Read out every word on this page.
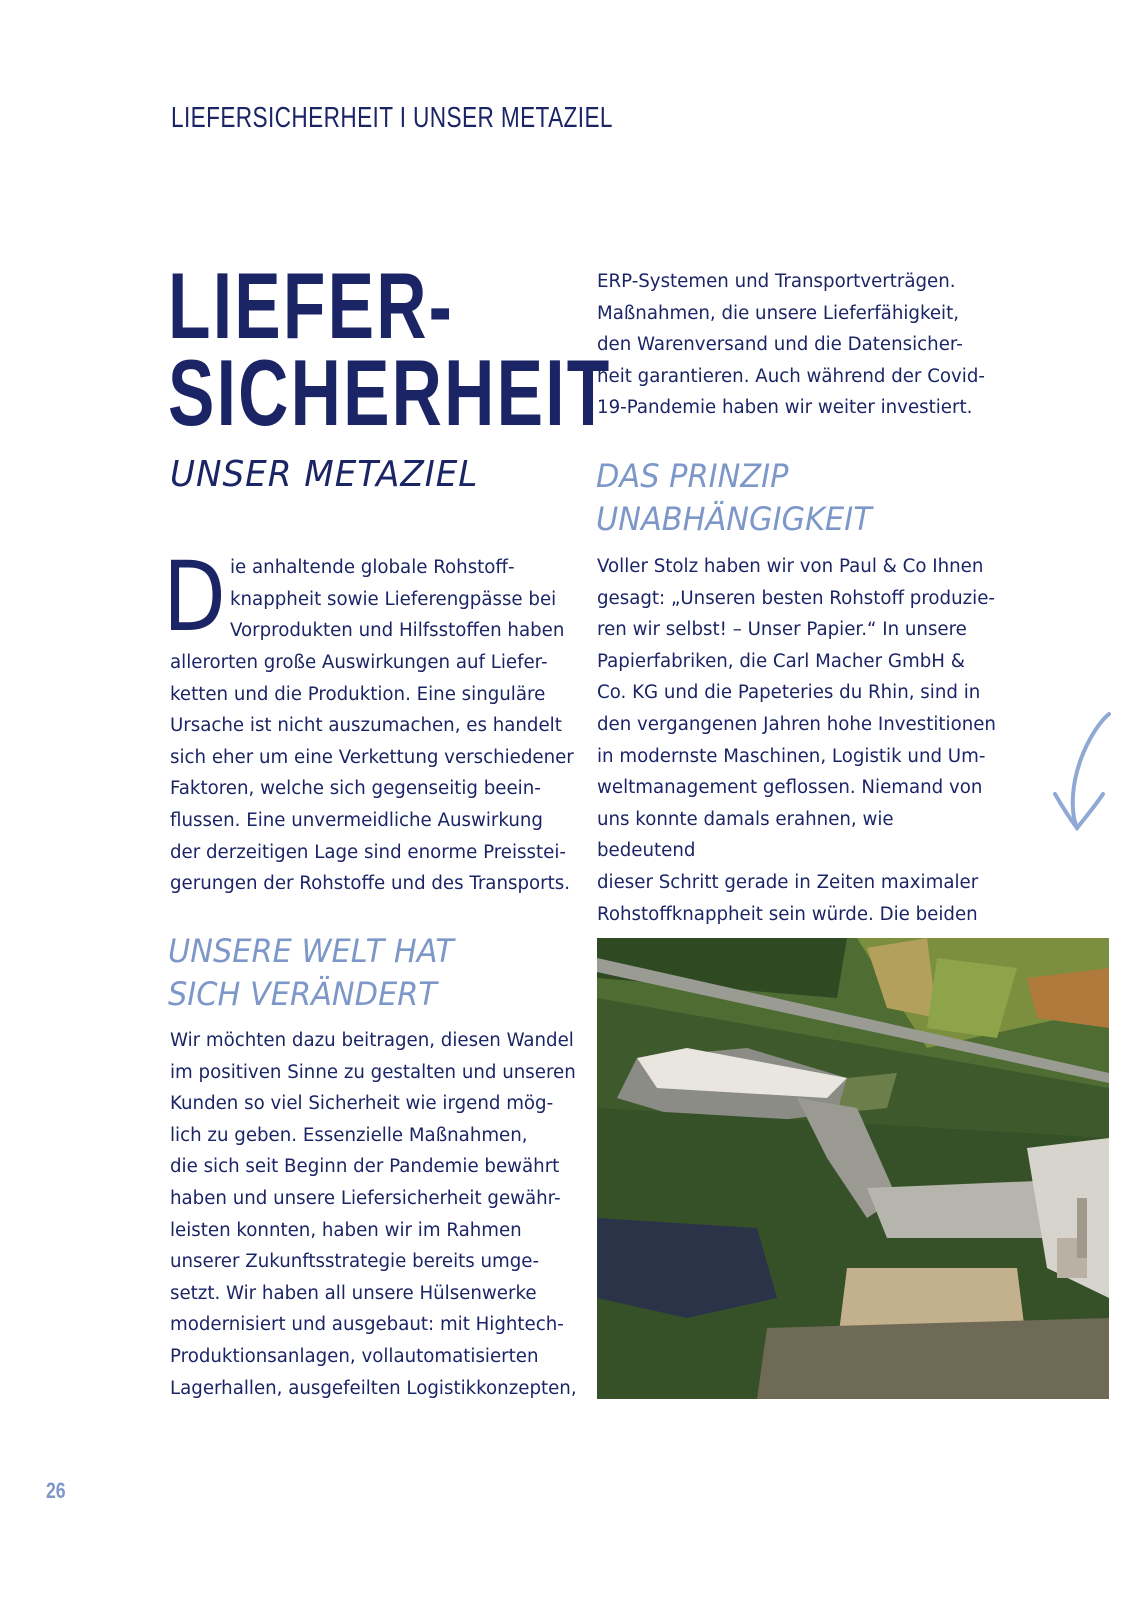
LIEFERSICHERHEIT I UNSER METAZIEL
LIEFER-
SICHERHEIT
UNSER METAZIEL
D ie anhaltende globale Rohstoff-
knappheit sowie Lieferengpässe bei
Vorprodukten und Hilfsstoffen haben

allerorten große Auswirkungen auf Liefer-
ketten und die Produktion. Eine singuläre
Ursache ist nicht auszumachen, es handelt
sich eher um eine Verkettung verschiedener
Faktoren, welche sich gegenseitig beein-
flussen. Eine unvermeidliche Auswirkung
der derzeitigen Lage sind enorme Preisstei-
gerungen der Rohstoffe und des Transports.

UNSERE WELT HAT
SICH VERÄNDERT

Wir möchten dazu beitragen, diesen Wandel
im positiven Sinne zu gestalten und unseren
Kunden so viel Sicherheit wie irgend mög-
lich zu geben. Essenzielle Maßnahmen,
die sich seit Beginn der Pandemie bewährt
haben und unsere Liefersicherheit gewähr-
leisten konnten, haben wir im Rahmen
unserer Zukunftsstrategie bereits umge-
setzt. Wir haben all unsere Hülsenwerke
modernisiert und ausgebaut: mit Hightech-
Produktionsanlagen, vollautomatisierten
Lagerhallen, ausgefeilten Logistikkonzepten,

ERP-Systemen und Transportverträgen.
Maßnahmen, die unsere Lieferfähigkeit,
den Warenversand und die Datensicher-
heit garantieren. Auch während der Covid-
19-Pandemie haben wir weiter investiert.

DAS PRINZIP
UNABHÄNGIGKEIT

Voller Stolz haben wir von Paul & Co Ihnen
gesagt: „Unseren besten Rohstoff produzie-
ren wir selbst! – Unser Papier.“ In unsere
Papierfabriken, die Carl Macher GmbH &
Co. KG und die Papeteries du Rhin, sind in
den vergangenen Jahren hohe Investitionen
in modernste Maschinen, Logistik und Um-
weltmanagement geflossen. Niemand von
uns konnte damals erahnen, wie bedeutend
dieser Schritt gerade in Zeiten maximaler
Rohstoffknappheit sein würde. Die beiden

26
